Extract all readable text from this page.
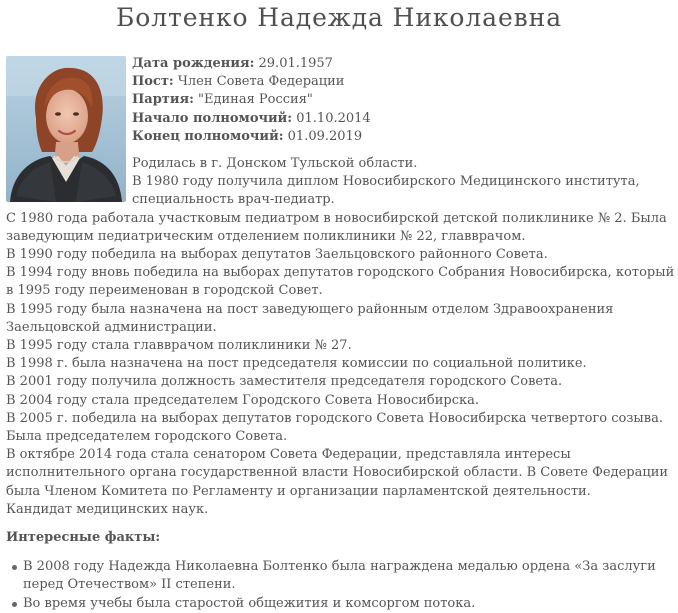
Болтенко Надежда Николаевна
Дата рождения: 29.01.1957
Пост: Член Совета Федерации
Партия: "Единая Россия"
Начало полномочий: 01.10.2014
Конец полномочий: 01.09.2019

Родилась в г. Донском Тульской области.

В 1980 году получила диплом Новосибирского Медицинского института, специальность врач-педиатр.

С 1980 года работала участковым педиатром в новосибирской детской поликлинике № 2. Была заведующим педиатрическим отделением поликлиники № 22, главврачом.

В 1990 году победила на выборах депутатов Заельцовского районного Совета.

В 1994 году вновь победила на выборах депутатов городского Собрания Новосибирска, который в 1995 году переименован в городской Совет.

В 1995 году была назначена на пост заведующего районным отделом Здравоохранения Заельцовской администрации.

В 1995 году стала главврачом поликлиники № 27.

В 1998 г. была назначена на пост председателя комиссии по социальной политике.

В 2001 году получила должность заместителя председателя городского Совета.

В 2004 году стала председателем Городского Совета Новосибирска.

В 2005 г. победила на выборах депутатов городского Совета Новосибирска четвертого созыва. Была председателем городского Совета.

В октябре 2014 года стала сенатором Совета Федерации, представляла интересы исполнительного органа государственной власти Новосибирской области. В Совете Федерации была Членом Комитета по Регламенту и организации парламентской деятельности.

Кандидат медицинских наук.

Интересные факты:
В 2008 году Надежда Николаевна Болтенко была награждена медалью ордена «За заслуги перед Отечеством» II степени.
Во время учебы была старостой общежития и комсоргом потока.
